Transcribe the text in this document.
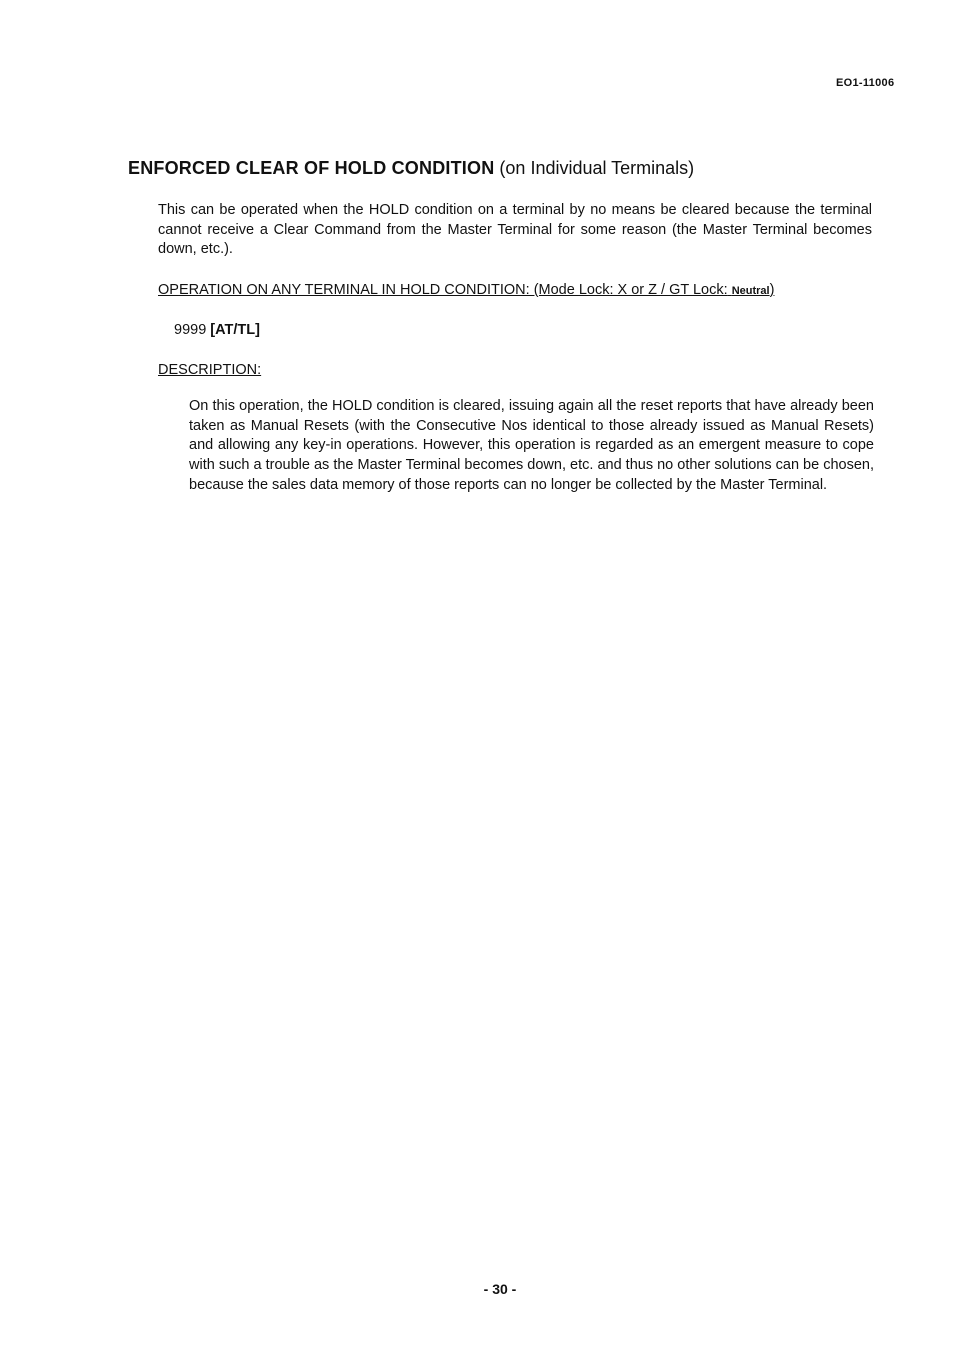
EO1-11006
ENFORCED CLEAR OF HOLD CONDITION (on Individual Terminals)

This can be operated when the HOLD condition on a terminal by no means be cleared because the terminal cannot receive a Clear Command from the Master Terminal for some reason (the Master Terminal becomes down, etc.).

OPERATION ON ANY TERMINAL IN HOLD CONDITION: (Mode Lock: X or Z / GT Lock: Neutral)

9999 [AT/TL]

DESCRIPTION:

On this operation, the HOLD condition is cleared, issuing again all the reset reports that have already been taken as Manual Resets (with the Consecutive Nos identical to those already issued as Manual Resets) and allowing any key-in operations. However, this operation is regarded as an emergent measure to cope with such a trouble as the Master Terminal becomes down, etc. and thus no other solutions can be chosen, because the sales data memory of those reports can no longer be collected by the Master Terminal.

- 30 -
